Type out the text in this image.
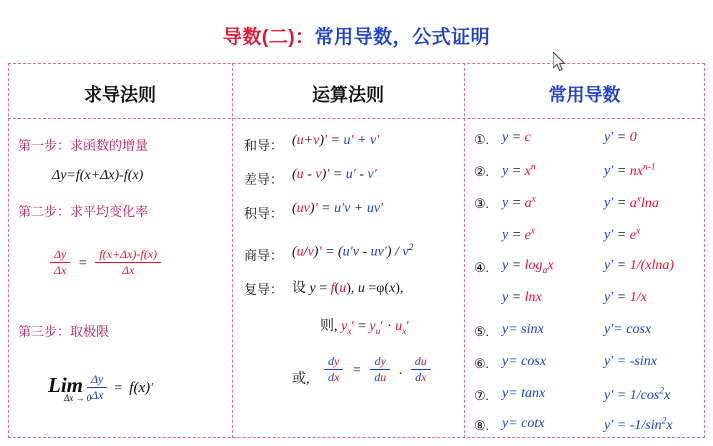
导数(二)：常用导数，公式证明
求导法则
第一步：求函数的增量
Δy=f(x+Δx)-f(x)
第二步：求平均变化率
$\frac{\Delta y}{\Delta x} = \frac{f(x+\Delta x)-f(x)}{\Delta x}$
第三步：取极限
Lim $\frac{\Delta y}{\Delta x} = f(x)'$
Δx → 0
运算法则
和导： (u+v)′ = u′ + v′
差导： (u - v)′ = u′ - v′
积导： (uv)′ = u′v + uv′
商导： $(u/v)' = (u'v - uv') / v^2$
复导： 设 y = f(u), u =φ(x),
则, $y_x' = y_u' \cdot u_x'$
或, $\frac{dy}{dx} = \frac{dy}{du}$ . $\frac{du}{dx}$
常用导数
①. y = c	y′ = 0
②. $y = x^n$	$y' = nx^{n-1}$
③. $y = a^x$	$y' = a^x\ln a$
$y = e^x$	$y' = e^x$
④. $y = \log_ax$	y′ = 1/(xlna)
y = lnx	y′ = 1/x
⑤. y= sinx	y′= cosx
⑥. y= cosx	y′ = -sinx
⑦. y= tanx	$y' = 1/\cos^2x$
⑧. y= cotx	$y' = -1/\sin^2x$
